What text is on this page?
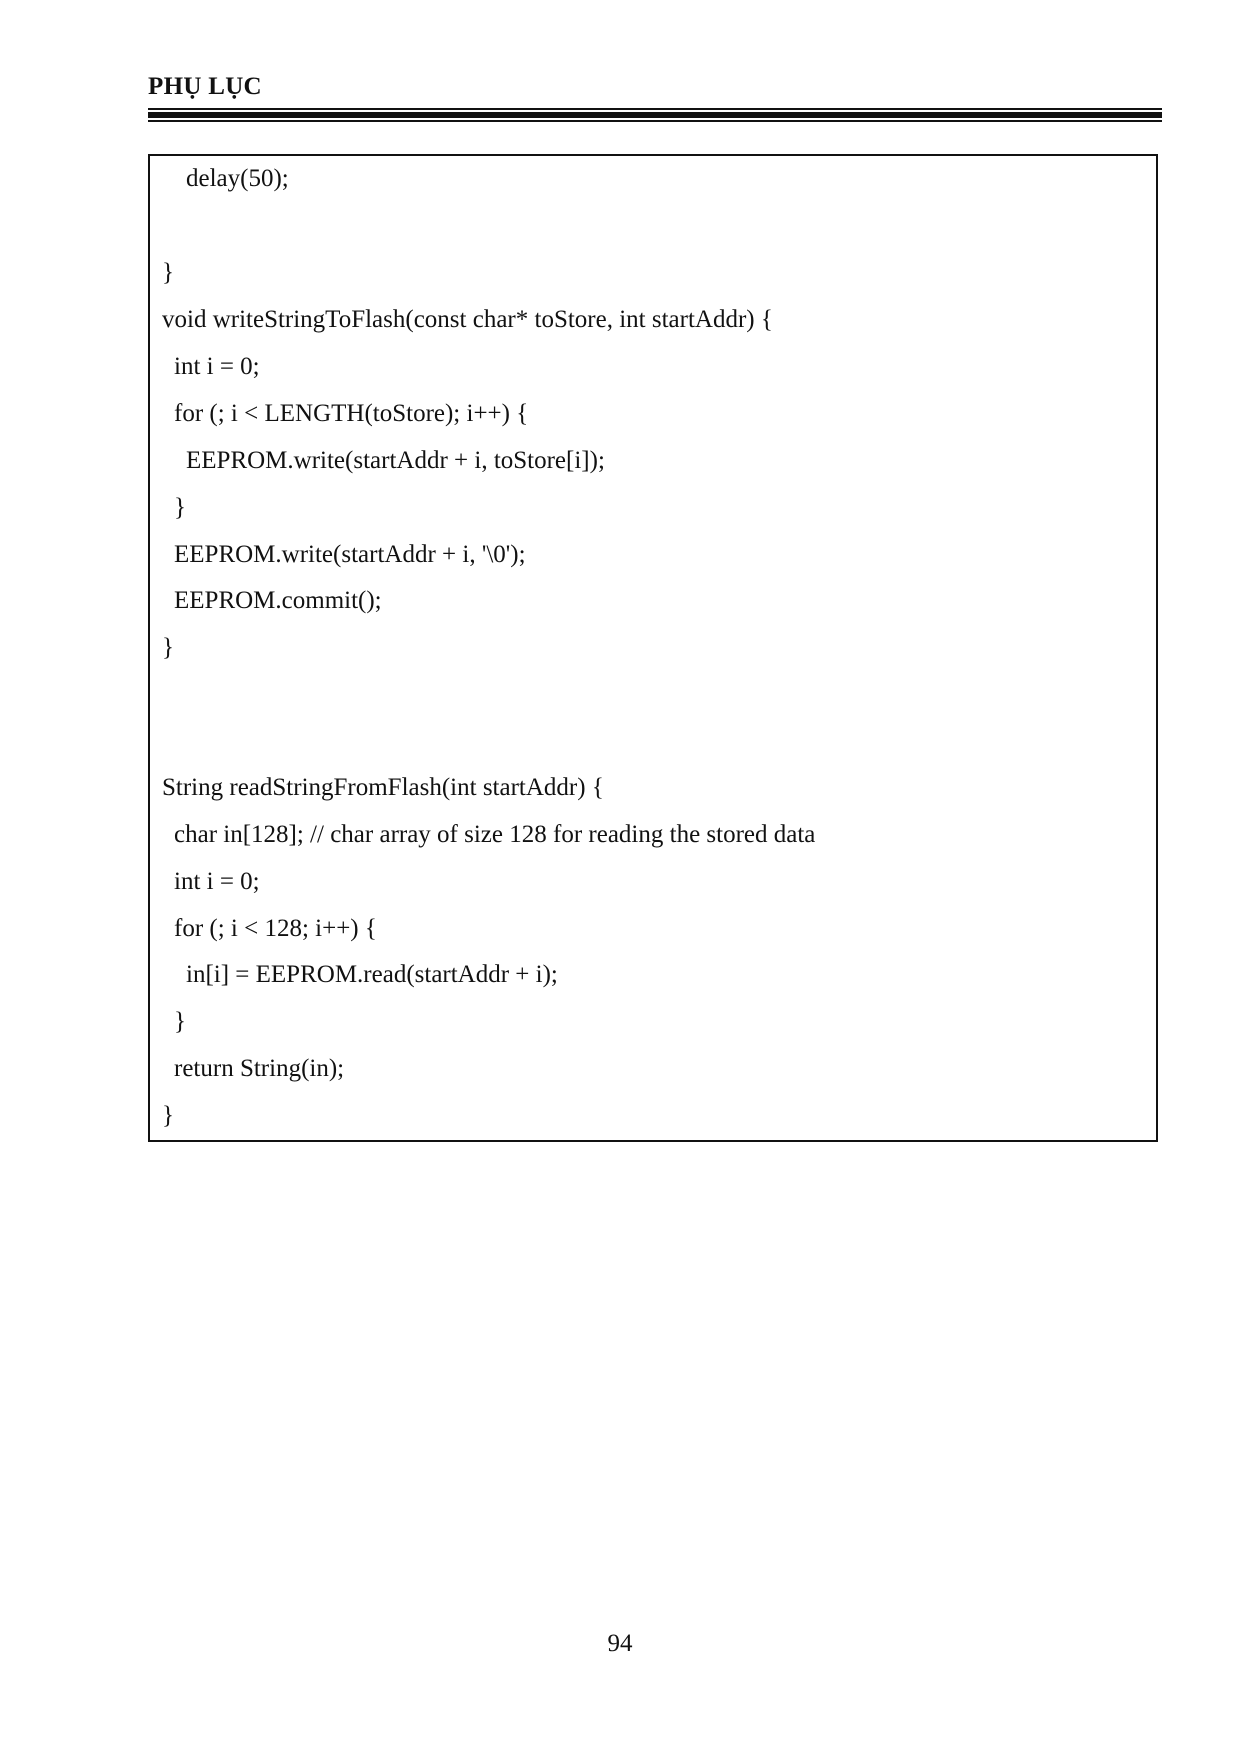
PHỤ LỤC
delay(50);
}
void writeStringToFlash(const char* toStore, int startAddr) {
int i = 0;
for (; i < LENGTH(toStore); i++) {
EEPROM.write(startAddr + i, toStore[i]);
}
EEPROM.write(startAddr + i, '\0');
EEPROM.commit();
}
String readStringFromFlash(int startAddr) {
char in[128]; // char array of size 128 for reading the stored data
int i = 0;
for (; i < 128; i++) {
in[i] = EEPROM.read(startAddr + i);
}
return String(in);
}
94
